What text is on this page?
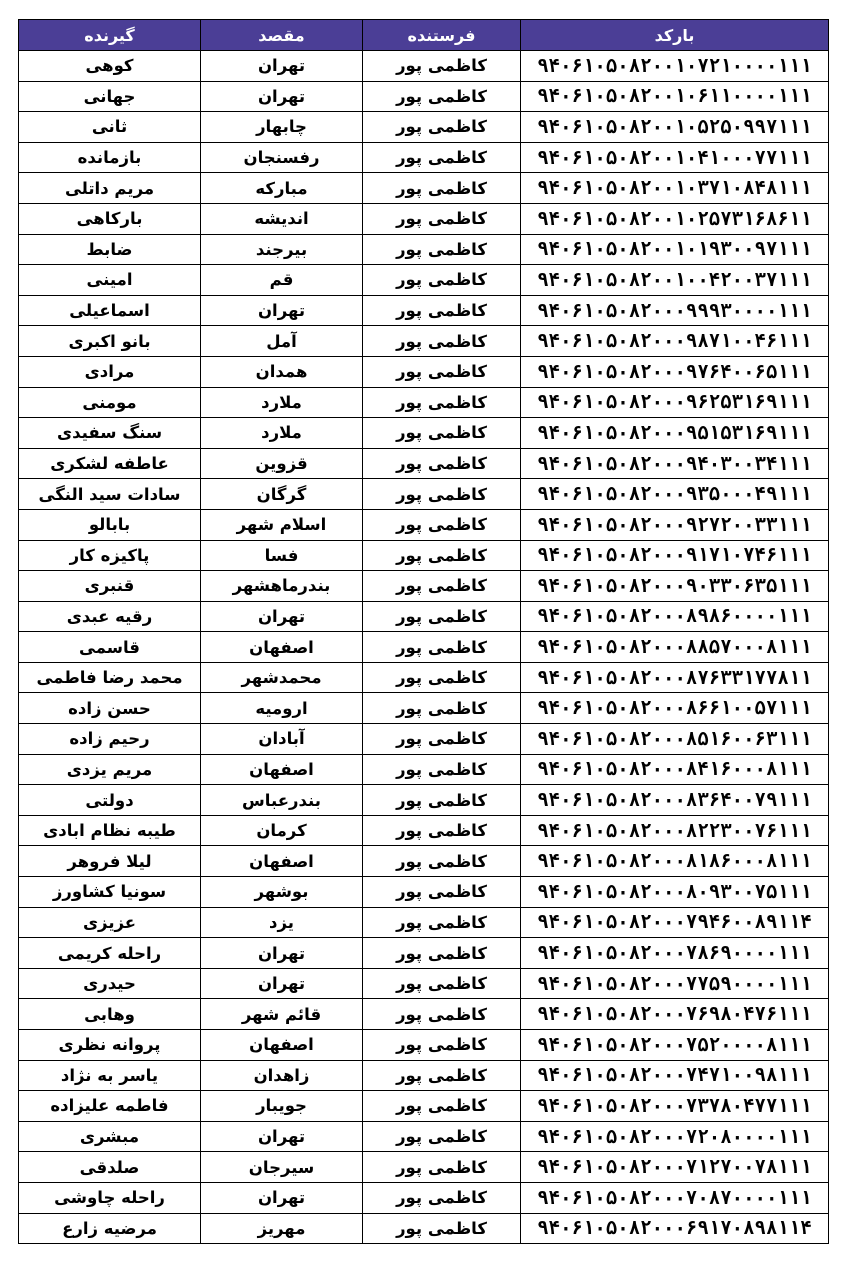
بارکد	فرستنده	مقصد	گیرنده
۹۴۰۶۱۰۵۰۸۲۰۰۱۰۷۲۱۰۰۰۰۱۱۱	کاظمی پور	تهران	کوهی
۹۴۰۶۱۰۵۰۸۲۰۰۱۰۶۱۱۰۰۰۰۱۱۱	کاظمی پور	تهران	جهانی
۹۴۰۶۱۰۵۰۸۲۰۰۱۰۵۲۵۰۹۹۷۱۱۱	کاظمی پور	چابهار	ثانی
۹۴۰۶۱۰۵۰۸۲۰۰۱۰۴۱۰۰۰۷۷۱۱۱	کاظمی پور	رفسنجان	بازمانده
۹۴۰۶۱۰۵۰۸۲۰۰۱۰۳۷۱۰۸۴۸۱۱۱	کاظمی پور	مبارکه	مریم داتلی
۹۴۰۶۱۰۵۰۸۲۰۰۱۰۲۵۷۳۱۶۸۶۱۱	کاظمی پور	اندیشه	بارکاهی
۹۴۰۶۱۰۵۰۸۲۰۰۱۰۱۹۳۰۰۹۷۱۱۱	کاظمی پور	بیرجند	ضابط
۹۴۰۶۱۰۵۰۸۲۰۰۱۰۰۴۲۰۰۳۷۱۱۱	کاظمی پور	قم	امینی
۹۴۰۶۱۰۵۰۸۲۰۰۰۹۹۹۳۰۰۰۰۱۱۱	کاظمی پور	تهران	اسماعیلی
۹۴۰۶۱۰۵۰۸۲۰۰۰۹۸۷۱۰۰۴۶۱۱۱	کاظمی پور	آمل	بانو اکبری
۹۴۰۶۱۰۵۰۸۲۰۰۰۹۷۶۴۰۰۶۵۱۱۱	کاظمی پور	همدان	مرادی
۹۴۰۶۱۰۵۰۸۲۰۰۰۹۶۲۵۳۱۶۹۱۱۱	کاظمی پور	ملارد	مومنی
۹۴۰۶۱۰۵۰۸۲۰۰۰۹۵۱۵۳۱۶۹۱۱۱	کاظمی پور	ملارد	سنگ سفیدی
۹۴۰۶۱۰۵۰۸۲۰۰۰۹۴۰۳۰۰۳۴۱۱۱	کاظمی پور	قزوین	عاطفه لشکری
۹۴۰۶۱۰۵۰۸۲۰۰۰۹۳۵۰۰۰۴۹۱۱۱	کاظمی پور	گرگان	سادات سید النگی
۹۴۰۶۱۰۵۰۸۲۰۰۰۹۲۷۲۰۰۳۳۱۱۱	کاظمی پور	اسلام شهر	بابالو
۹۴۰۶۱۰۵۰۸۲۰۰۰۹۱۷۱۰۷۴۶۱۱۱	کاظمی پور	فسا	پاکیزه کار
۹۴۰۶۱۰۵۰۸۲۰۰۰۹۰۳۳۰۶۳۵۱۱۱	کاظمی پور	بندرماهشهر	قنبری
۹۴۰۶۱۰۵۰۸۲۰۰۰۸۹۸۶۰۰۰۰۱۱۱	کاظمی پور	تهران	رقیه عبدی
۹۴۰۶۱۰۵۰۸۲۰۰۰۸۸۵۷۰۰۰۸۱۱۱	کاظمی پور	اصفهان	قاسمی
۹۴۰۶۱۰۵۰۸۲۰۰۰۸۷۶۳۳۱۷۷۸۱۱	کاظمی پور	محمدشهر	محمد رضا فاطمی
۹۴۰۶۱۰۵۰۸۲۰۰۰۸۶۶۱۰۰۵۷۱۱۱	کاظمی پور	ارومیه	حسن زاده
۹۴۰۶۱۰۵۰۸۲۰۰۰۸۵۱۶۰۰۶۳۱۱۱	کاظمی پور	آبادان	رحیم زاده
۹۴۰۶۱۰۵۰۸۲۰۰۰۸۴۱۶۰۰۰۸۱۱۱	کاظمی پور	اصفهان	مریم یزدی
۹۴۰۶۱۰۵۰۸۲۰۰۰۸۳۶۴۰۰۷۹۱۱۱	کاظمی پور	بندرعباس	دولتی
۹۴۰۶۱۰۵۰۸۲۰۰۰۸۲۲۳۰۰۷۶۱۱۱	کاظمی پور	کرمان	طیبه نظام ابادی
۹۴۰۶۱۰۵۰۸۲۰۰۰۸۱۸۶۰۰۰۸۱۱۱	کاظمی پور	اصفهان	لیلا فروهر
۹۴۰۶۱۰۵۰۸۲۰۰۰۸۰۹۳۰۰۷۵۱۱۱	کاظمی پور	بوشهر	سونیا کشاورز
۹۴۰۶۱۰۵۰۸۲۰۰۰۷۹۴۶۰۰۸۹۱۱۴	کاظمی پور	یزد	عزیزی
۹۴۰۶۱۰۵۰۸۲۰۰۰۷۸۶۹۰۰۰۰۱۱۱	کاظمی پور	تهران	راحله کریمی
۹۴۰۶۱۰۵۰۸۲۰۰۰۷۷۵۹۰۰۰۰۱۱۱	کاظمی پور	تهران	حیدری
۹۴۰۶۱۰۵۰۸۲۰۰۰۷۶۹۸۰۴۷۶۱۱۱	کاظمی پور	قائم شهر	وهابی
۹۴۰۶۱۰۵۰۸۲۰۰۰۷۵۲۰۰۰۰۸۱۱۱	کاظمی پور	اصفهان	پروانه نظری
۹۴۰۶۱۰۵۰۸۲۰۰۰۷۴۷۱۰۰۹۸۱۱۱	کاظمی پور	زاهدان	یاسر به نژاد
۹۴۰۶۱۰۵۰۸۲۰۰۰۷۳۷۸۰۴۷۷۱۱۱	کاظمی پور	جویبار	فاطمه علیزاده
۹۴۰۶۱۰۵۰۸۲۰۰۰۷۲۰۸۰۰۰۰۱۱۱	کاظمی پور	تهران	مبشری
۹۴۰۶۱۰۵۰۸۲۰۰۰۷۱۲۷۰۰۷۸۱۱۱	کاظمی پور	سیرجان	صلدقی
۹۴۰۶۱۰۵۰۸۲۰۰۰۷۰۸۷۰۰۰۰۱۱۱	کاظمی پور	تهران	راحله چاوشی
۹۴۰۶۱۰۵۰۸۲۰۰۰۶۹۱۷۰۸۹۸۱۱۴	کاظمی پور	مهریز	مرضیه زارع
